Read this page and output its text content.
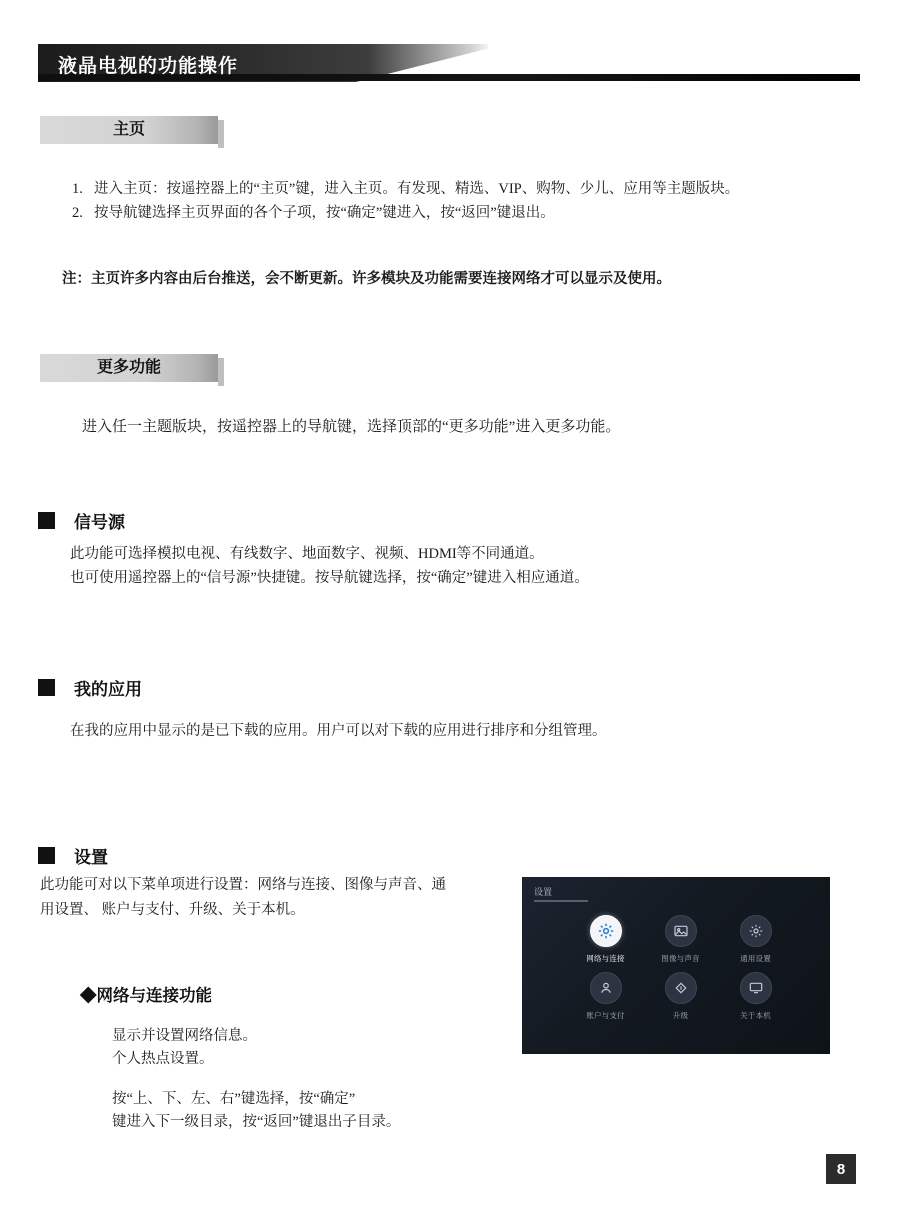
液晶电视的功能操作
主页
1. 进入主页：按遥控器上的“主页”键，进入主页。有发现、精选、VIP、购物、少儿、应用等主题版块。
2. 按导航键选择主页界面的各个子项，按“确定”键进入，按“返回”键退出。
注：主页许多内容由后台推送，会不断更新。许多模块及功能需要连接网络才可以显示及使用。
更多功能
进入任一主题版块，按遥控器上的导航键，选择顶部的“更多功能”进入更多功能。
信号源
此功能可选择模拟电视、有线数字、地面数字、视频、HDMI等不同通道。
也可使用遥控器上的“信号源”快捷键。按导航键选择，按“确定”键进入相应通道。
我的应用
在我的应用中显示的是已下载的应用。用户可以对下载的应用进行排序和分组管理。
设置
此功能可对以下菜单项进行设置：网络与连接、图像与声音、通用设置、 账户与支付、升级、关于本机。
◆网络与连接功能
显示并设置网络信息。
个人热点设置。
按“上、下、左、右”键选择，按“确定”
键进入下一级目录，按“返回”键退出子目录。
设置
网络与连接	图像与声音	通用设置
账户与支付	升级	关于本机
8
